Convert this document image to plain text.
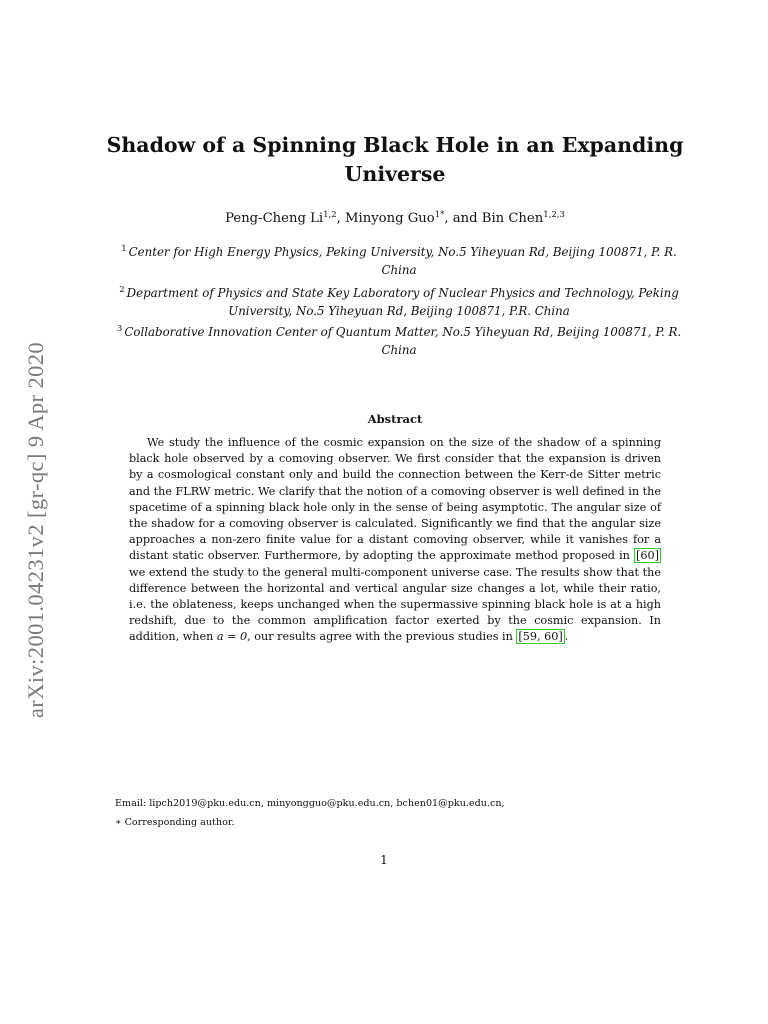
arXiv:2001.04231v2 [gr-qc] 9 Apr 2020
Shadow of a Spinning Black Hole in an Expanding
Universe
Peng-Cheng Li$^{1,2}$, Minyong Guo$^{1*}$, and Bin Chen$^{1,2,3}$
$^1$ Center for High Energy Physics, Peking University, No.5 Yiheyuan Rd, Beijing 100871, P. R.
China
$^2$ Department of Physics and State Key Laboratory of Nuclear Physics and Technology, Peking
University, No.5 Yiheyuan Rd, Beijing 100871, P.R. China
$^3$ Collaborative Innovation Center of Quantum Matter, No.5 Yiheyuan Rd, Beijing 100871, P. R.
China
Abstract

We study the influence of the cosmic expansion on the size of the shadow of a spinning black hole observed by a comoving observer. We first consider that the expansion is driven by a cosmological constant only and build the connection between the Kerr-de Sitter metric and the FLRW metric. We clarify that the notion of a comoving observer is well defined in the spacetime of a spinning black hole only in the sense of being asymptotic. The angular size of the shadow for a comoving observer is calculated. Significantly we find that the angular size approaches a non-zero finite value for a distant comoving observer, while it vanishes for a distant static observer. Furthermore, by adopting the approximate method proposed in [60] we extend the study to the general multi-component universe case. The results show that the difference between the horizontal and vertical angular size changes a lot, while their ratio, i.e. the oblateness, keeps unchanged when the supermassive spinning black hole is at a high redshift, due to the common amplification factor exerted by the cosmic expansion. In addition, when a = 0, our results agree with the previous studies in [59, 60] .

Email: lipch2019@pku.edu.cn, minyongguo@pku.edu.cn, bchen01@pku.edu.cn,
∗ Corresponding author.
1
